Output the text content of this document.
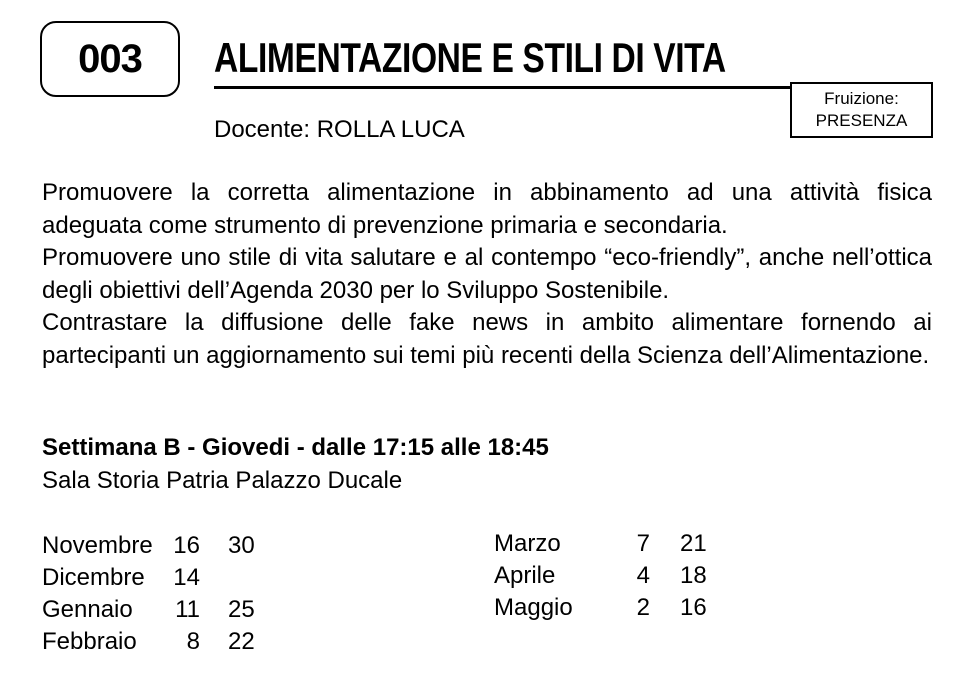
003 ALIMENTAZIONE E STILI DI VITA
Docente: ROLLA LUCA
Fruizione:
PRESENZA

Promuovere la corretta alimentazione in abbinamento ad una attività fisica adeguata come strumento di prevenzione primaria e secondaria.

Promuovere uno stile di vita salutare e al contempo “eco-friendly”, anche nell’ottica degli obiettivi dell’Agenda 2030 per lo Sviluppo Sostenibile.

Contrastare la diffusione delle fake news in ambito alimentare fornendo ai partecipanti un aggiornamento sui temi più recenti della Scienza dell’Alimentazione.

Settimana B - Giovedi - dalle 17:15 alle 18:45
Sala Storia Patria Palazzo Ducale
Novembre 16 30
Dicembre	14
Gennaio	11 25
Febbraio	8 22
Marzo	7 21
Aprile	4 18
Maggio	2 16
